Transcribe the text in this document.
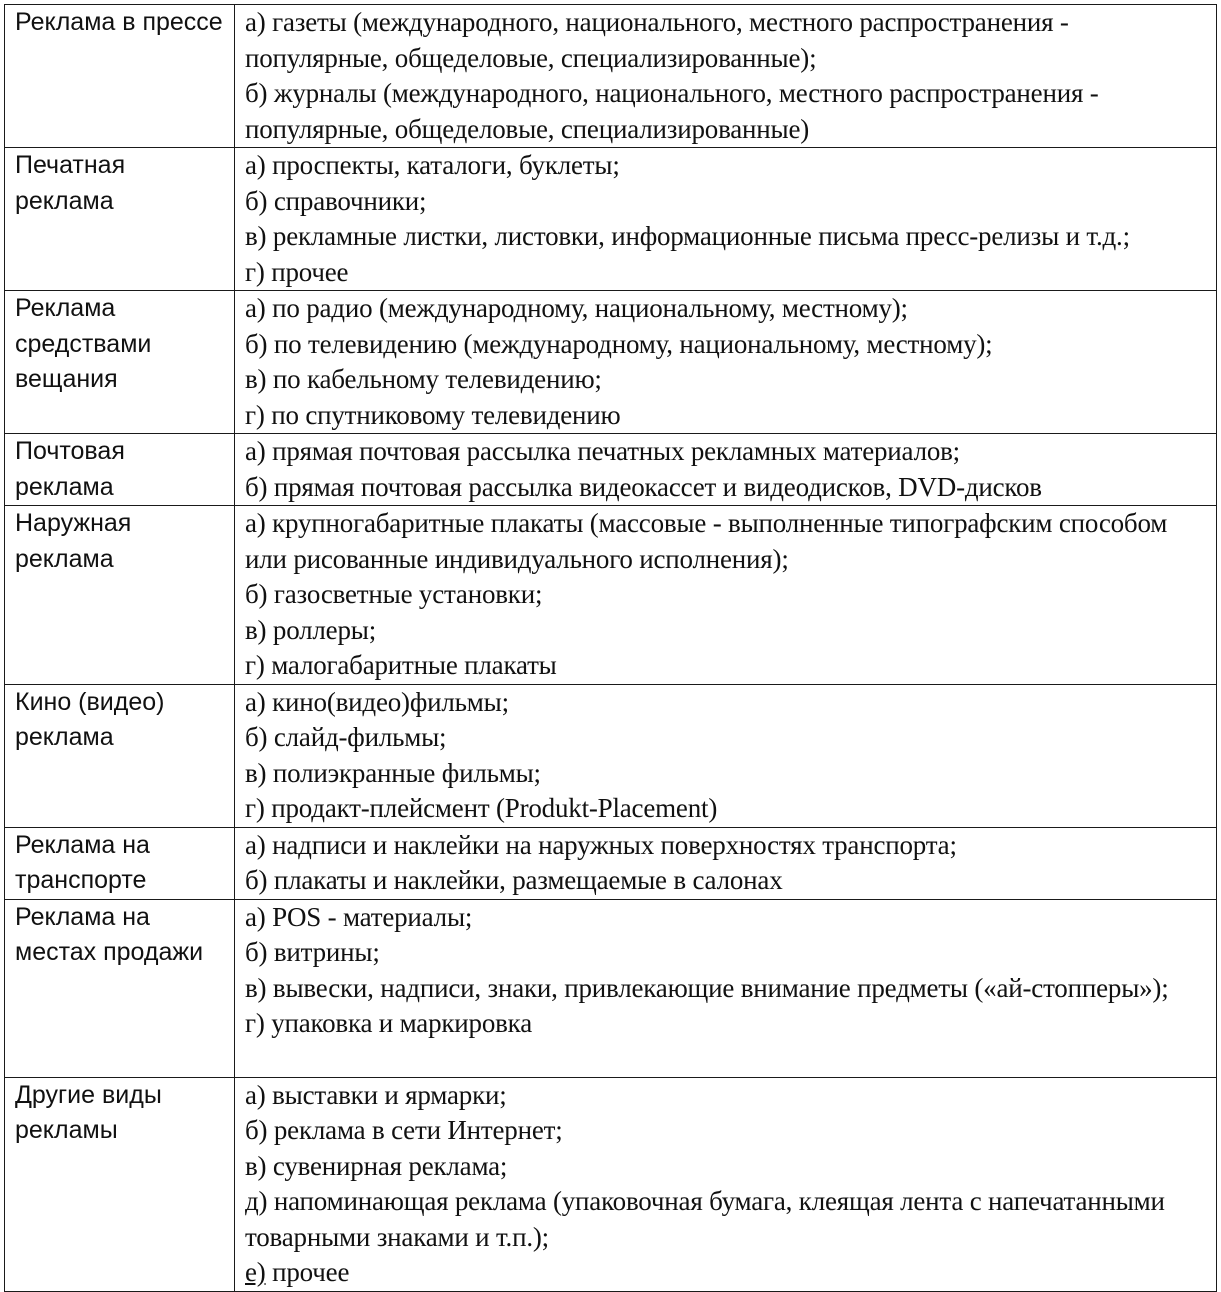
Реклама в прессе	а) газеты (международного, национального, местного распространения - популярные, общеделовые, специализированные);
б) журналы (международного, национального, местного распространения - популярные, общеделовые, специализированные)

Печатная реклама	а) проспекты, каталоги, буклеты;
б) справочники;
в) рекламные листки, листовки, информационные письма пресс-релизы и т.д.;
г) прочее

Реклама средствами вещания	а) по радио (международному, национальному, местному);
б) по телевидению (международному, национальному, местному);
в) по кабельному телевидению;
г) по спутниковому телевидению

Почтовая реклама	а) прямая почтовая рассылка печатных рекламных материалов;
б) прямая почтовая рассылка видеокассет и видеодисков, DVD-дисков

Наружная реклама	а) крупногабаритные плакаты (массовые - выполненные типографским способом или рисованные индивидуального исполнения);
б) газосветные установки;
в) роллеры;
г) малогабаритные плакаты

Кино (видео) реклама	а) кино(видео)фильмы;
б) слайд-фильмы;
в) полиэкранные фильмы;
г) продакт-плейсмент (Produkt-Placement)

Реклама на транспорте	а) надписи и наклейки на наружных поверхностях транспорта;
б) плакаты и наклейки, размещаемые в салонах

Реклама на местах продажи	а) POS - материалы;
б) витрины;
в) вывески, надписи, знаки, привлекающие внимание предметы («ай-стопперы»);
г) упаковка и маркировка

Другие виды рекламы	а) выставки и ярмарки;
б) реклама в сети Интернет;
в) сувенирная реклама;
д) напоминающая реклама (упаковочная бумага, клеящая лента с напечатанными товарными знаками и т.п.);
е) прочее
